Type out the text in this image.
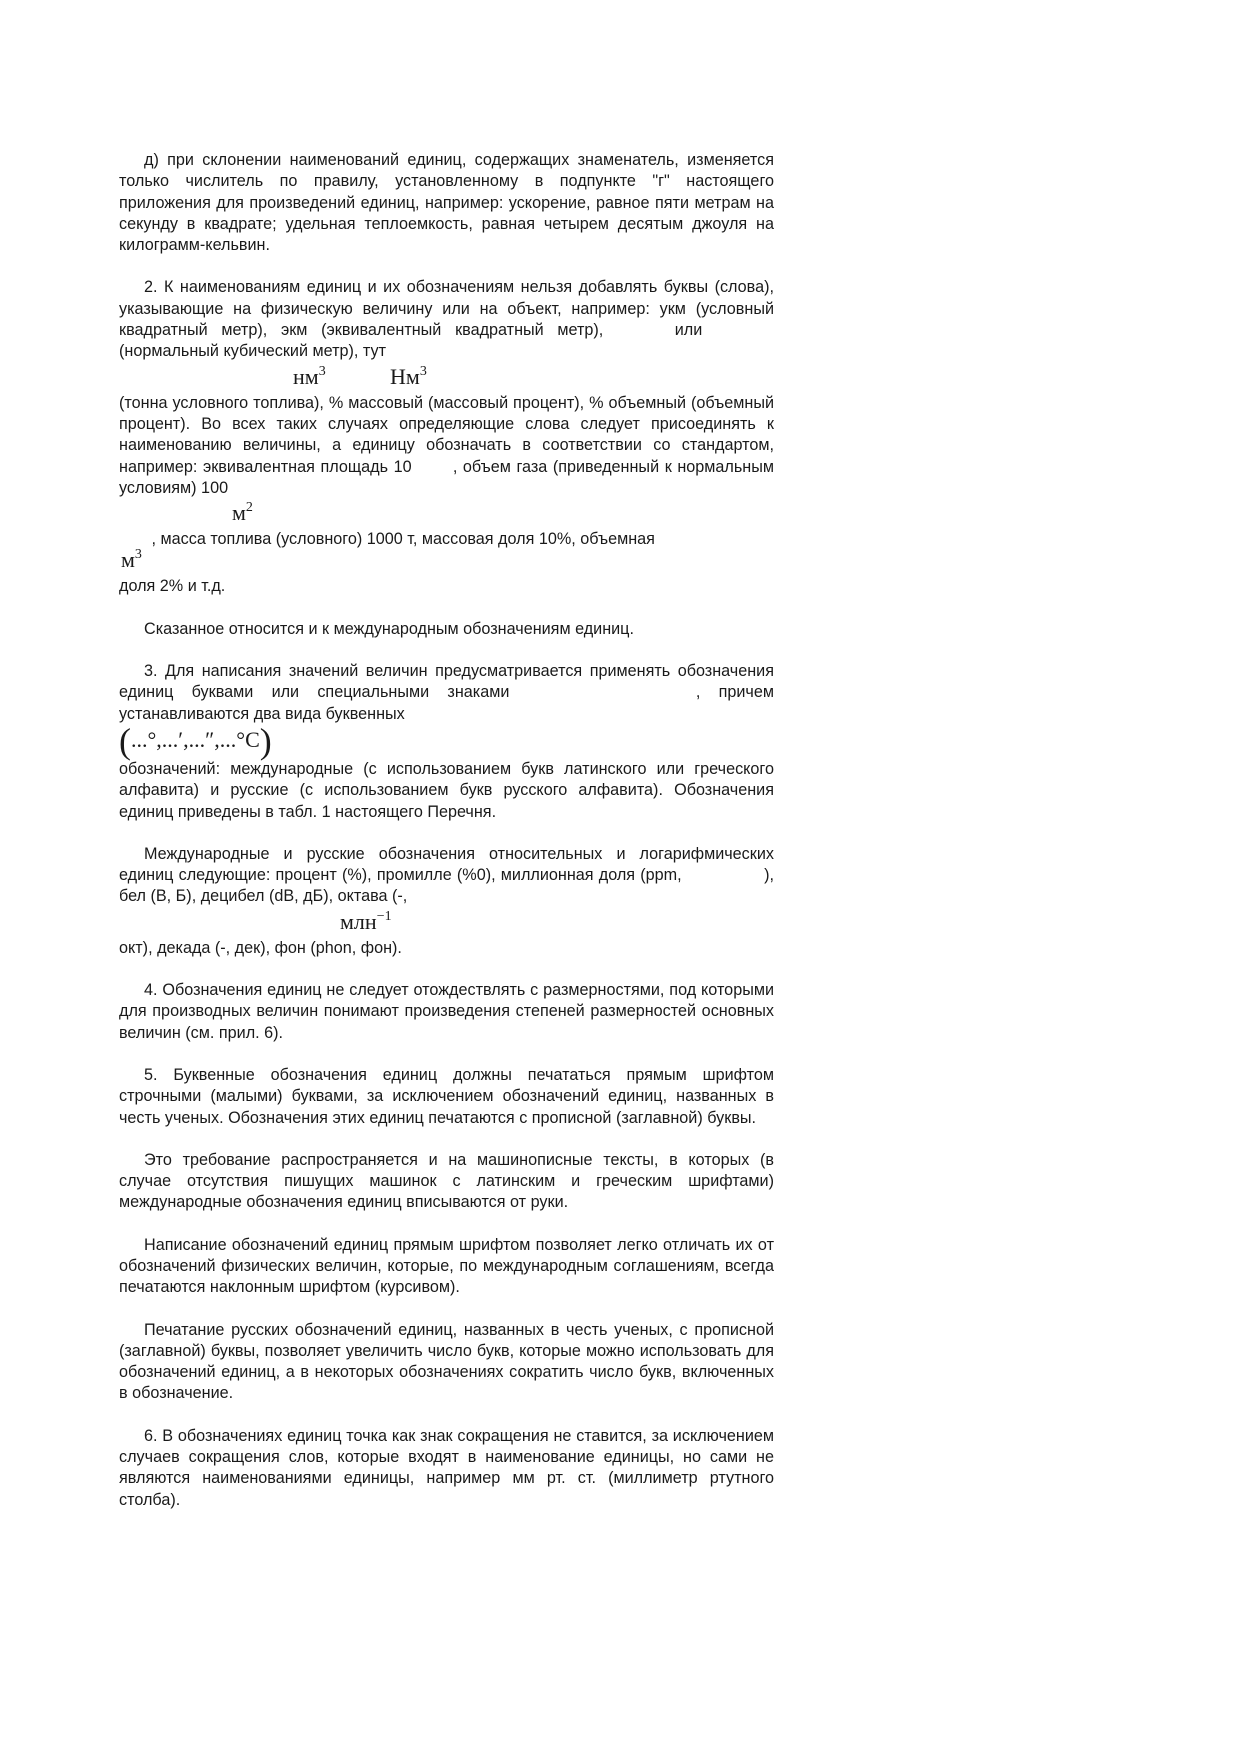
д) при склонении наименований единиц, содержащих знаменатель, изменяется только числитель по правилу, установленному в подпункте "г" настоящего приложения для произведений единиц, например: ускорение, равное пяти метрам на секунду в квадрате; удельная теплоемкость, равная четырем десятым джоуля на килограмм-кельвин.

2. К наименованиям единиц и их обозначениям нельзя добавлять буквы (слова), указывающие на физическую величину или на объект, например: укм (условный квадратный метр), экм (эквивалентный квадратный метр),	или  (нормальный кубический метр), тут

$нм^3$	$Нм^3$

(тонна условного топлива), % массовый (массовый процент), % объемный (объемный процент). Во всех таких случаях определяющие слова следует присоединять к наименованию величины, а единицу обозначать в соответствии со стандартом, например: эквивалентная площадь 10	, объем газа (приведенный к нормальным условиям) 100

$м^2$

, масса топлива (условного) 1000 т, массовая доля 10%, объемная

$м^3$

доля 2% и т.д.

Сказанное относится и к международным обозначениям единиц.

3. Для написания значений величин предусматривается применять обозначения единиц буквами или специальными знаками	, причем устанавливаются два вида буквенных

(...°,...′,...″,...°С)

обозначений: международные (с использованием букв латинского или греческого алфавита) и русские (с использованием букв русского алфавита). Обозначения единиц приведены в табл. 1 настоящего Перечня.

Международные и русские обозначения относительных и логарифмических единиц следующие: процент (%), промилле (%0), миллионная доля (ppm,	), бел (В, Б), децибел (dB, дБ), октава (-,

млн$^{-1}$

окт), декада (-, дек), фон (phon, фон).

4. Обозначения единиц не следует отождествлять с размерностями, под которыми для производных величин понимают произведения степеней размерностей основных величин (см. прил. 6).

5. Буквенные обозначения единиц должны печататься прямым шрифтом строчными (малыми) буквами, за исключением обозначений единиц, названных в честь ученых. Обозначения этих единиц печатаются с прописной (заглавной) буквы.

Это требование распространяется и на машинописные тексты, в которых (в случае отсутствия пишущих машинок с латинским и греческим шрифтами) международные обозначения единиц вписываются от руки.

Написание обозначений единиц прямым шрифтом позволяет легко отличать их от обозначений физических величин, которые, по международным соглашениям, всегда печатаются наклонным шрифтом (курсивом).

Печатание русских обозначений единиц, названных в честь ученых, с прописной (заглавной) буквы, позволяет увеличить число букв, которые можно использовать для обозначений единиц, а в некоторых обозначениях сократить число букв, включенных в обозначение.

6. В обозначениях единиц точка как знак сокращения не ставится, за исключением случаев сокращения слов, которые входят в наименование единицы, но сами не являются наименованиями единицы, например мм рт. ст. (миллиметр ртутного столба).
